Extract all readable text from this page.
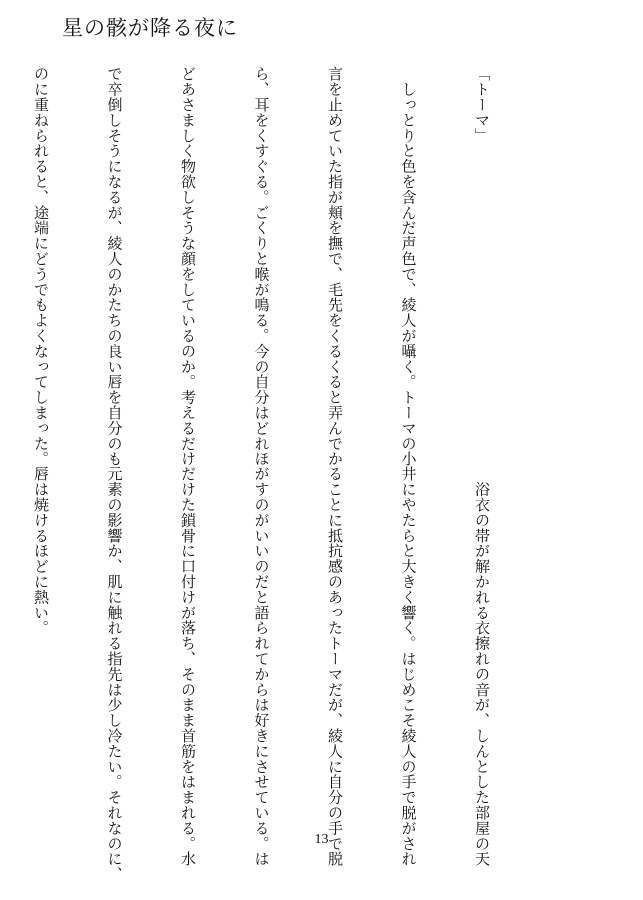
星の骸が降る夜に

「トーマ」

　しっとりと色を含んだ声色で、綾人が囁く。トーマの小

言を止めていた指が頬を撫で、毛先をくるくると弄んでか

ら、耳をくすぐる。ごくりと喉が鳴る。今の自分はどれほ

どあさましく物欲しそうな顔をしているのか。考えるだけ

で卒倒しそうになるが、綾人のかたちの良い唇を自分のも

のに重ねられると、途端にどうでもよくなってしまった。

　浴衣の帯が解かれる衣擦れの音が、しんとした部屋の天

井にやたらと大きく響く。はじめこそ綾人の手で脱がされ

ることに抵抗感のあったトーマだが、綾人に自分の手で脱

がすのがいいのだと語られてからは好きにさせている。は

だけた鎖骨に口付けが落ち、そのまま首筋をはまれる。水

元素の影響か、肌に触れる指先は少し冷たい。それなのに、

唇は焼けるほどに熱い。

13
